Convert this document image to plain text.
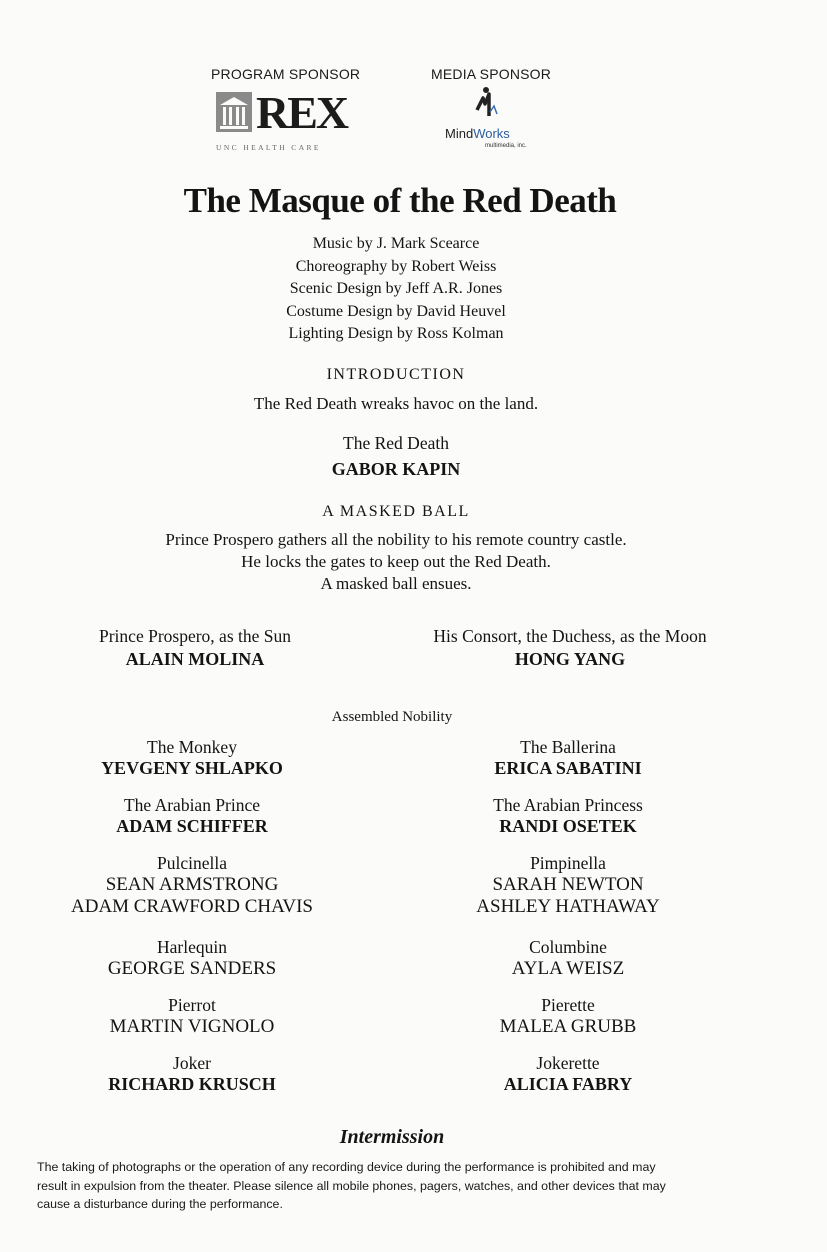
PROGRAM SPONSOR
REX
UNC HEALTH CARE
MEDIA SPONSOR
MindWorks
multimedia, inc.
The Masque of the Red Death
Music by J. Mark Scearce
Choreography by Robert Weiss
Scenic Design by Jeff A.R. Jones
Costume Design by David Heuvel
Lighting Design by Ross Kolman
INTRODUCTION
The Red Death wreaks havoc on the land.
The Red Death
GABOR KAPIN
A MASKED BALL
Prince Prospero gathers all the nobility to his remote country castle.
He locks the gates to keep out the Red Death.
A masked ball ensues.
Prince Prospero, as the Sun
ALAIN MOLINA
His Consort, the Duchess, as the Moon
HONG YANG
Assembled Nobility
The Monkey
YEVGENY SHLAPKO
The Arabian Prince
ADAM SCHIFFER
Pulcinella
SEAN ARMSTRONG
ADAM CRAWFORD CHAVIS
Harlequin
GEORGE SANDERS
Pierrot
MARTIN VIGNOLO
Joker
RICHARD KRUSCH
The Ballerina
ERICA SABATINI
The Arabian Princess
RANDI OSETEK
Pimpinella
SARAH NEWTON
ASHLEY HATHAWAY
Columbine
AYLA WEISZ
Pierette
MALEA GRUBB
Jokerette
ALICIA FABRY
Intermission
The taking of photographs or the operation of any recording device during the performance is prohibited and may
result in expulsion from the theater. Please silence all mobile phones, pagers, watches, and other devices that may
cause a disturbance during the performance.
